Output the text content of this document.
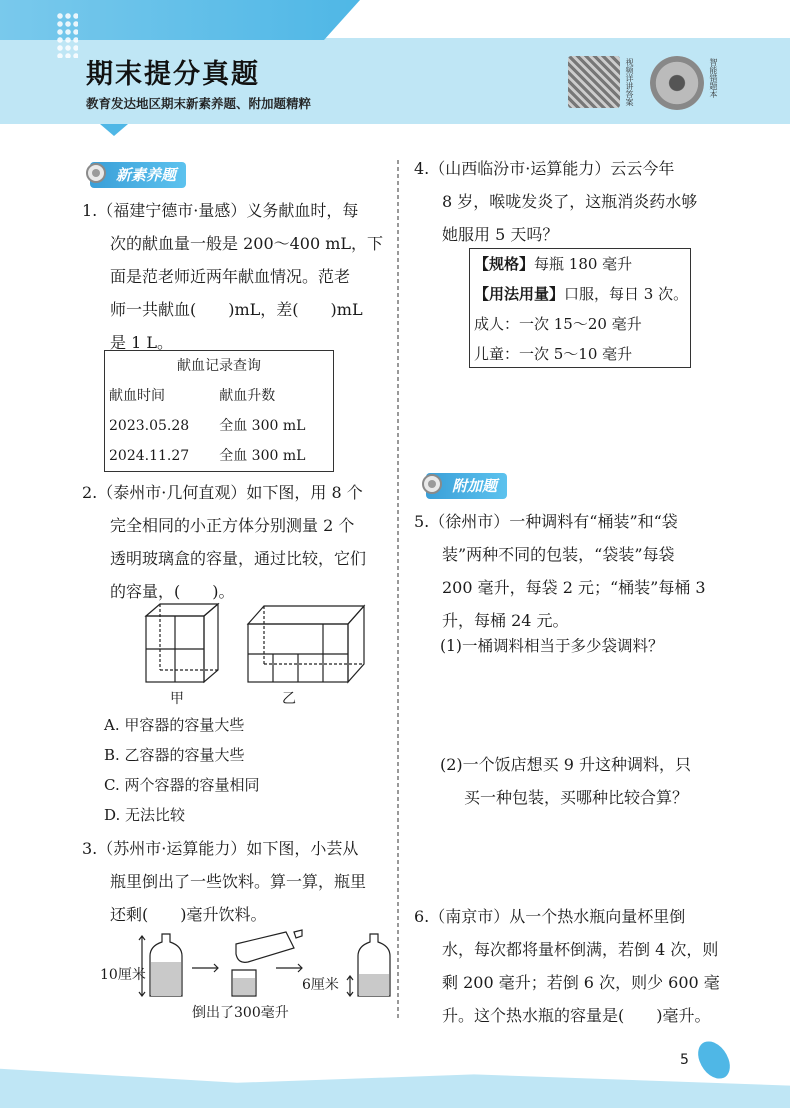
期末提分真题
教育发达地区期末新素养题、附加题精粹	视频详讲答案	智能错题本
新素养题
1.（福建宁德市·量感）义务献血时，每
次的献血量一般是 200～400 mL，下
面是范老师近两年献血情况。范老
师一共献血(　　)mL，差(　　)mL
是 1 L。
献血记录查询	
献血时间	献血升数
2023.05.28	全血 300 mL
2024.11.27	全血 300 mL
2.（泰州市·几何直观）如下图，用 8 个
完全相同的小正方体分别测量 2 个
透明玻璃盒的容量，通过比较，它们
的容量，(　　)。
甲	乙
A. 甲容器的容量大些
B. 乙容器的容量大些
C. 两个容器的容量相同
D. 无法比较
3.（苏州市·运算能力）如下图，小芸从
瓶里倒出了一些饮料。算一算，瓶里
还剩(　　)毫升饮料。
10厘米
6厘米
倒出了300毫升
4.（山西临汾市·运算能力）云云今年
8 岁，喉咙发炎了，这瓶消炎药水够
她服用 5 天吗？
【规格】每瓶 180 毫升
【用法用量】口服，每日 3 次。
成人：一次 15～20 毫升
儿童：一次 5～10 毫升
附加题
5.（徐州市）一种调料有“桶装”和“袋
装”两种不同的包装，“袋装”每袋
200 毫升，每袋 2 元；“桶装”每桶 3
升，每桶 24 元。
(1)一桶调料相当于多少袋调料？
(2)一个饭店想买 9 升这种调料，只
买一种包装，买哪种比较合算？
6.（南京市）从一个热水瓶向量杯里倒
水，每次都将量杯倒满，若倒 4 次，则
剩 200 毫升；若倒 6 次，则少 600 毫
升。这个热水瓶的容量是(　　)毫升。
5
